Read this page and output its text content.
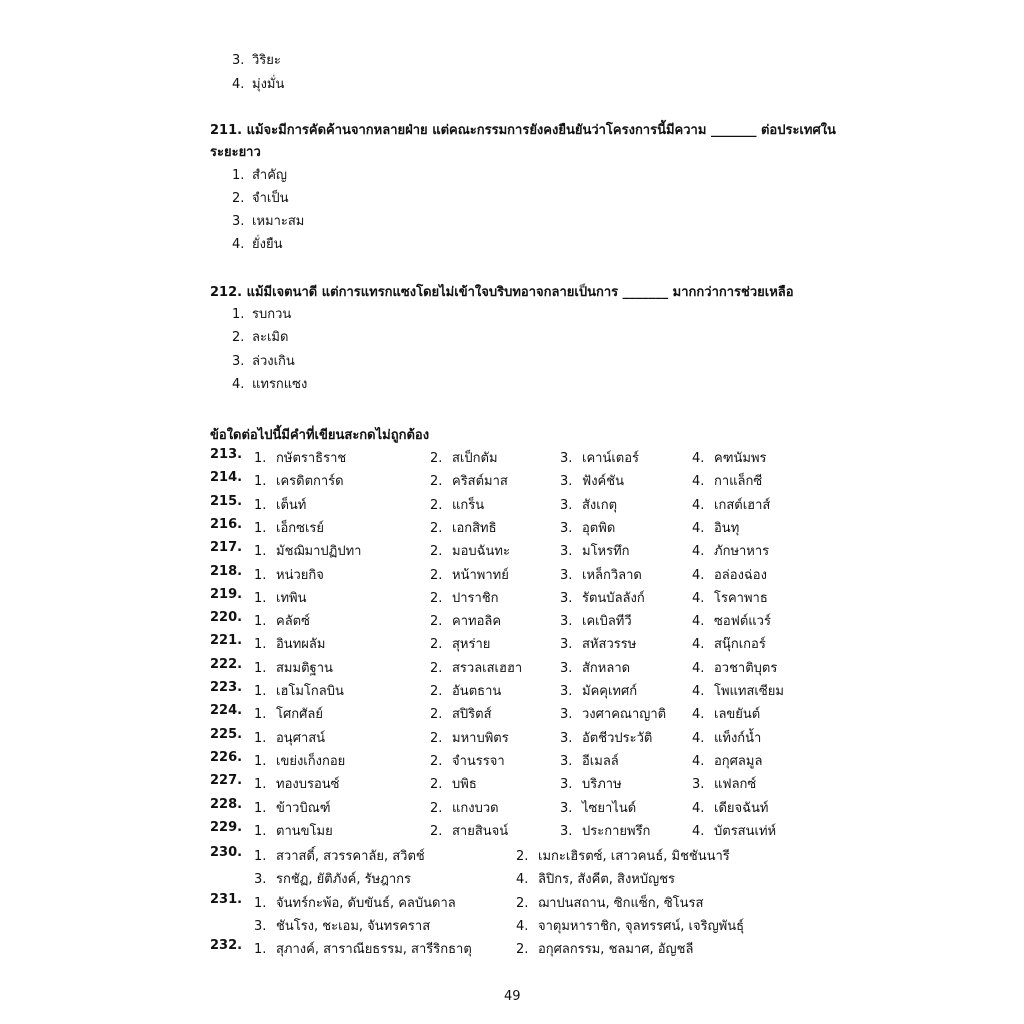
3. วิริยะ
4. มุ่งมั่น
211. แม้จะมีการคัดค้านจากหลายฝ่าย แต่คณะกรรมการยังคงยืนยันว่าโครงการนี้มีความ _______ ต่อประเทศใน
ระยะยาว
1. สำคัญ
2. จำเป็น
3. เหมาะสม
4. ยั่งยืน
212. แม้มีเจตนาดี แต่การแทรกแซงโดยไม่เข้าใจบริบทอาจกลายเป็นการ _______ มากกว่าการช่วยเหลือ
1. รบกวน
2. ละเมิด
3. ล่วงเกิน
4. แทรกแซง
ข้อใดต่อไปนี้มีคำที่เขียนสะกดไม่ถูกต้อง
213. 1. กษัตราธิราช	2. สเป็กตัม	3. เคาน์เตอร์	4. คฑนัมพร
214. 1. เครดิตการ์ด	2. คริสต์มาส	3. ฟังค์ชัน	4. กาแล็กซี
215. 1. เต็นท์	2. แกร็น	3. สังเกตุ	4. เกสต์เฮาส์
216. 1. เอ็กซเรย์	2. เอกสิทธิ	3. อุตพิด	4. อินทุ
217. 1. มัชฌิมาปฏิปทา	2. มอบฉันทะ	3. มโหรทึก	4. ภักษาหาร
218. 1. หน่วยกิจ	2. หน้าพาทย์	3. เหล็กวิลาด	4. อล่องฉ่อง
219. 1. เทพิน	2. ปาราชิก	3. รัตนบัลลังก์	4. โรคาพาธ
220. 1. คลัตซ์	2. คาทอลิค	3. เคเบิลทีวี	4. ซอฟต์แวร์
221. 1. อินทผลัม	2. สุหร่าย	3. สหัสวรรษ	4. สนุ๊กเกอร์
222. 1. สมมติฐาน	2. สรวลเสเฮฮา	3. สักหลาด	4. อวชาติบุตร
223. 1. เฮโมโกลบิน	2. อันตธาน	3. มัคคุเทศก์	4. โพแทสเซียม
224. 1. โศกศัลย์	2. สปิริตส์	3. วงศาคณาญาติ 4. เลขยันต์
225. 1. อนุศาสน์	2. มหาบพิตร	3. อัตชีวประวัติ	4. แท็งก์น้ำ
226. 1. เขย่งเก็งกอย	2. จำนรรจา	3. อีเมลล์	4. อกุศลมูล
227. 1. ทองบรอนซ์	2. บพิธ	3. บริภาษ	3. แฟลกซ์
228. 1. ข้าวบิณฑ์	2. แกงบวด	3. ไซยาไนด์	4. เดียจฉันท์
229. 1. ตานขโมย	2. สายสินจน์	3. ประกายพรึก	4. บัตรสนเท่ห์
230. 1. สวาสดิ์, สวรรคาลัย, สวิตช์	2. เมกะเฮิรตซ์, เสาวคนธ์, มิชชันนารี
3. รกชัฏ, ยัติภังค์, รัษฎากร	4. ลิปิกร, สังคีต, สิงหบัญชร
231. 1. จันทร์กะพ้อ, ดับขันธ์, คลบันดาล	2. ฌาปนสถาน, ซิกแซ็ก, ซิโนรส
3. ชันโรง, ชะเอม, จันทรคราส	4. จาตุมหาราชิก, จุลทรรศน์, เจริญพันธุ์
232. 1. สุภางค์, สาราณียธรรม, สารีริกธาตุ	2. อกุศลกรรม, ชลมาศ, อัญชลี
49
